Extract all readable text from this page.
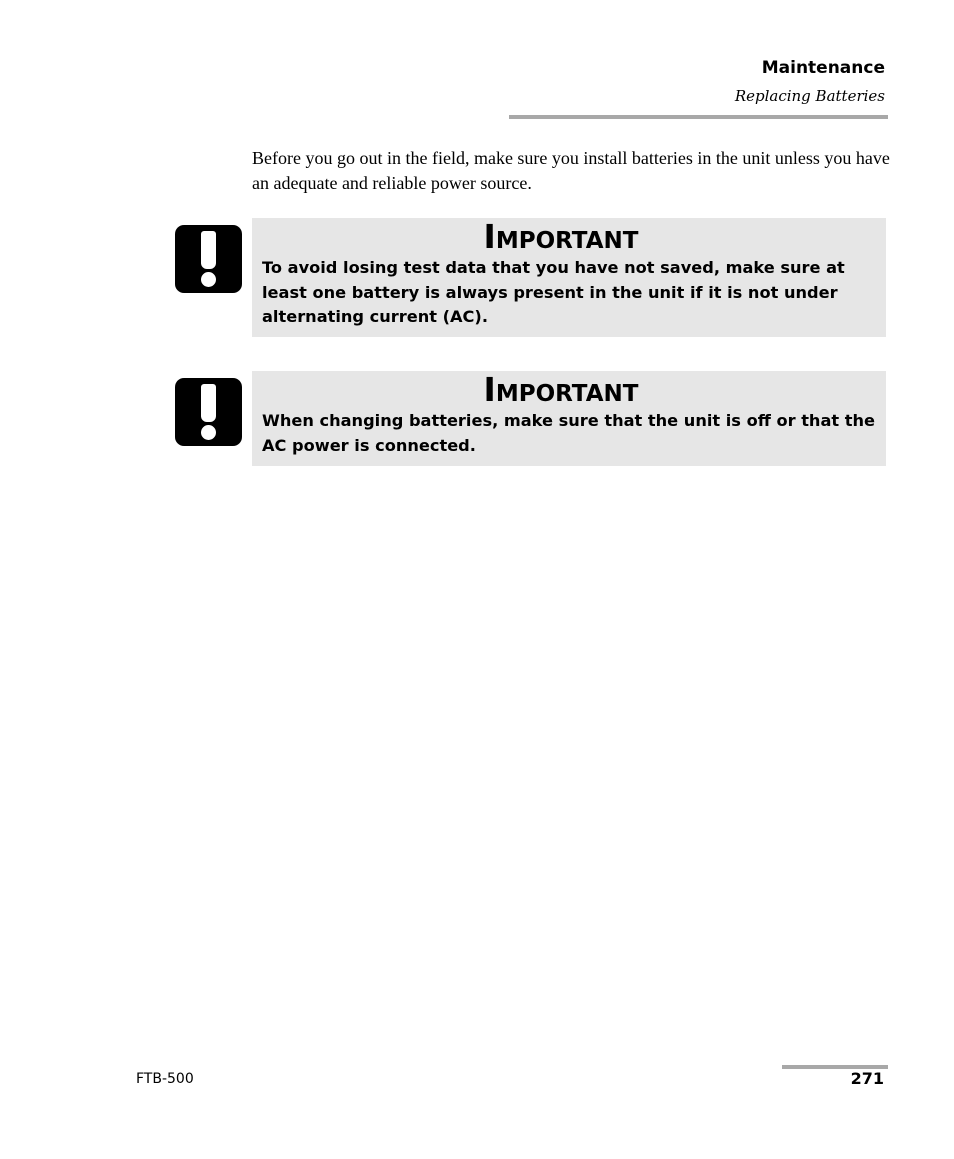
Maintenance
Replacing Batteries

Before you go out in the field, make sure you install batteries in the unit unless you have an adequate and reliable power source.

Important
To avoid losing test data that you have not saved, make sure at least one battery is always present in the unit if it is not under alternating current (AC).
Important
When changing batteries, make sure that the unit is off or that the AC power is connected.
FTB-500	271
